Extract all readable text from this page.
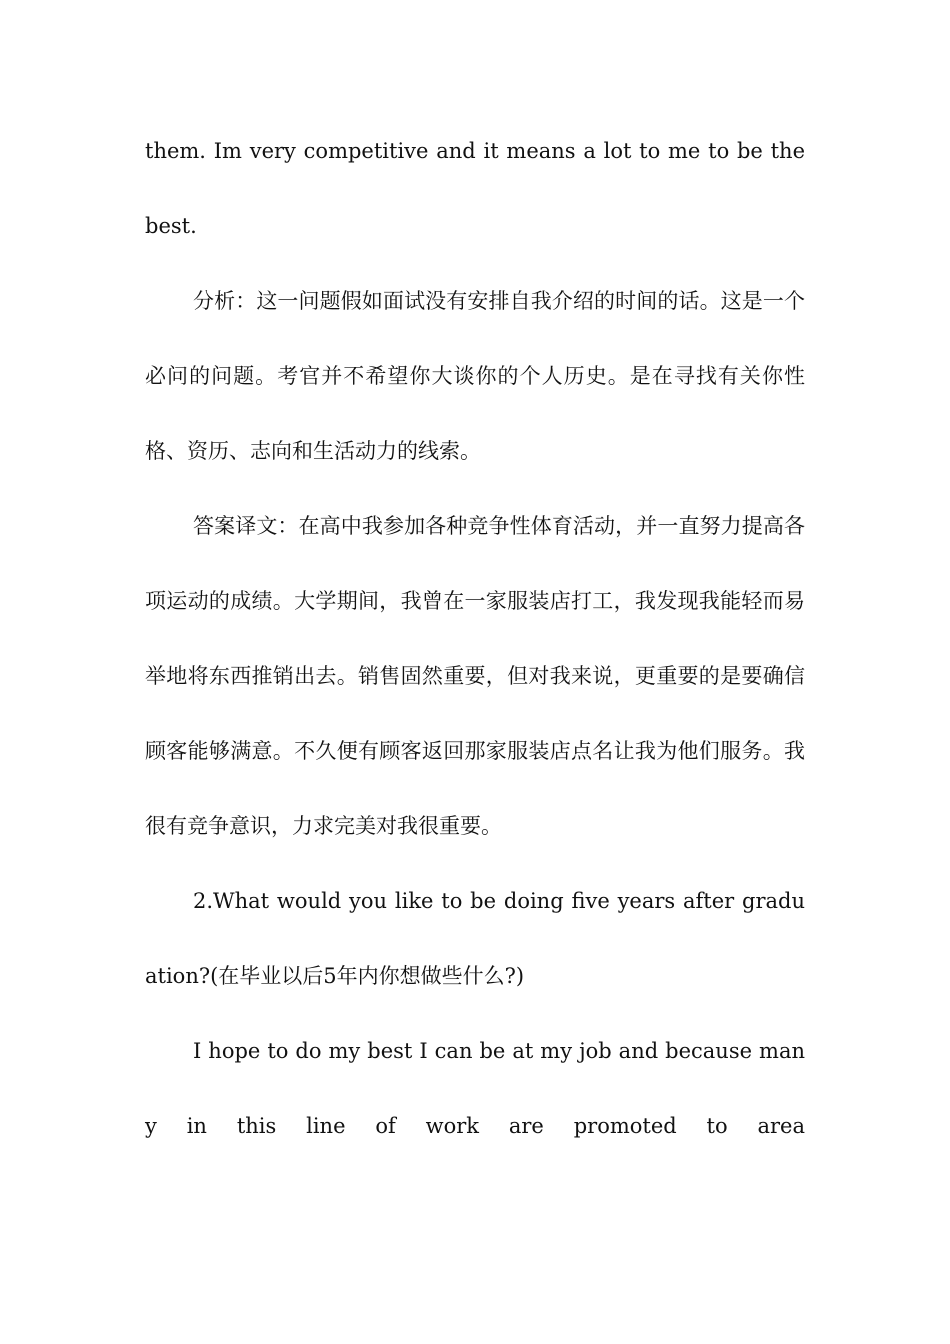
them. Im very competitive and it means a lot to me to be the best.

分析：这一问题假如面试没有安排自我介绍的时间的话。这是一个必问的问题。考官并不希望你大谈你的个人历史。是在寻找有关你性格、资历、志向和生活动力的线索。

答案译文：在高中我参加各种竞争性体育活动，并一直努力提高各项运动的成绩。大学期间，我曾在一家服装店打工，我发现我能轻而易举地将东西推销出去。销售固然重要，但对我来说，更重要的是要确信顾客能够满意。不久便有顾客返回那家服装店点名让我为他们服务。我很有竞争意识，力求完美对我很重要。

2.What would you like to be doing five years after graduation?(在毕业以后5年内你想做些什么?)

I hope to do my best I can be at my job and because many in this line of work are promoted to area
